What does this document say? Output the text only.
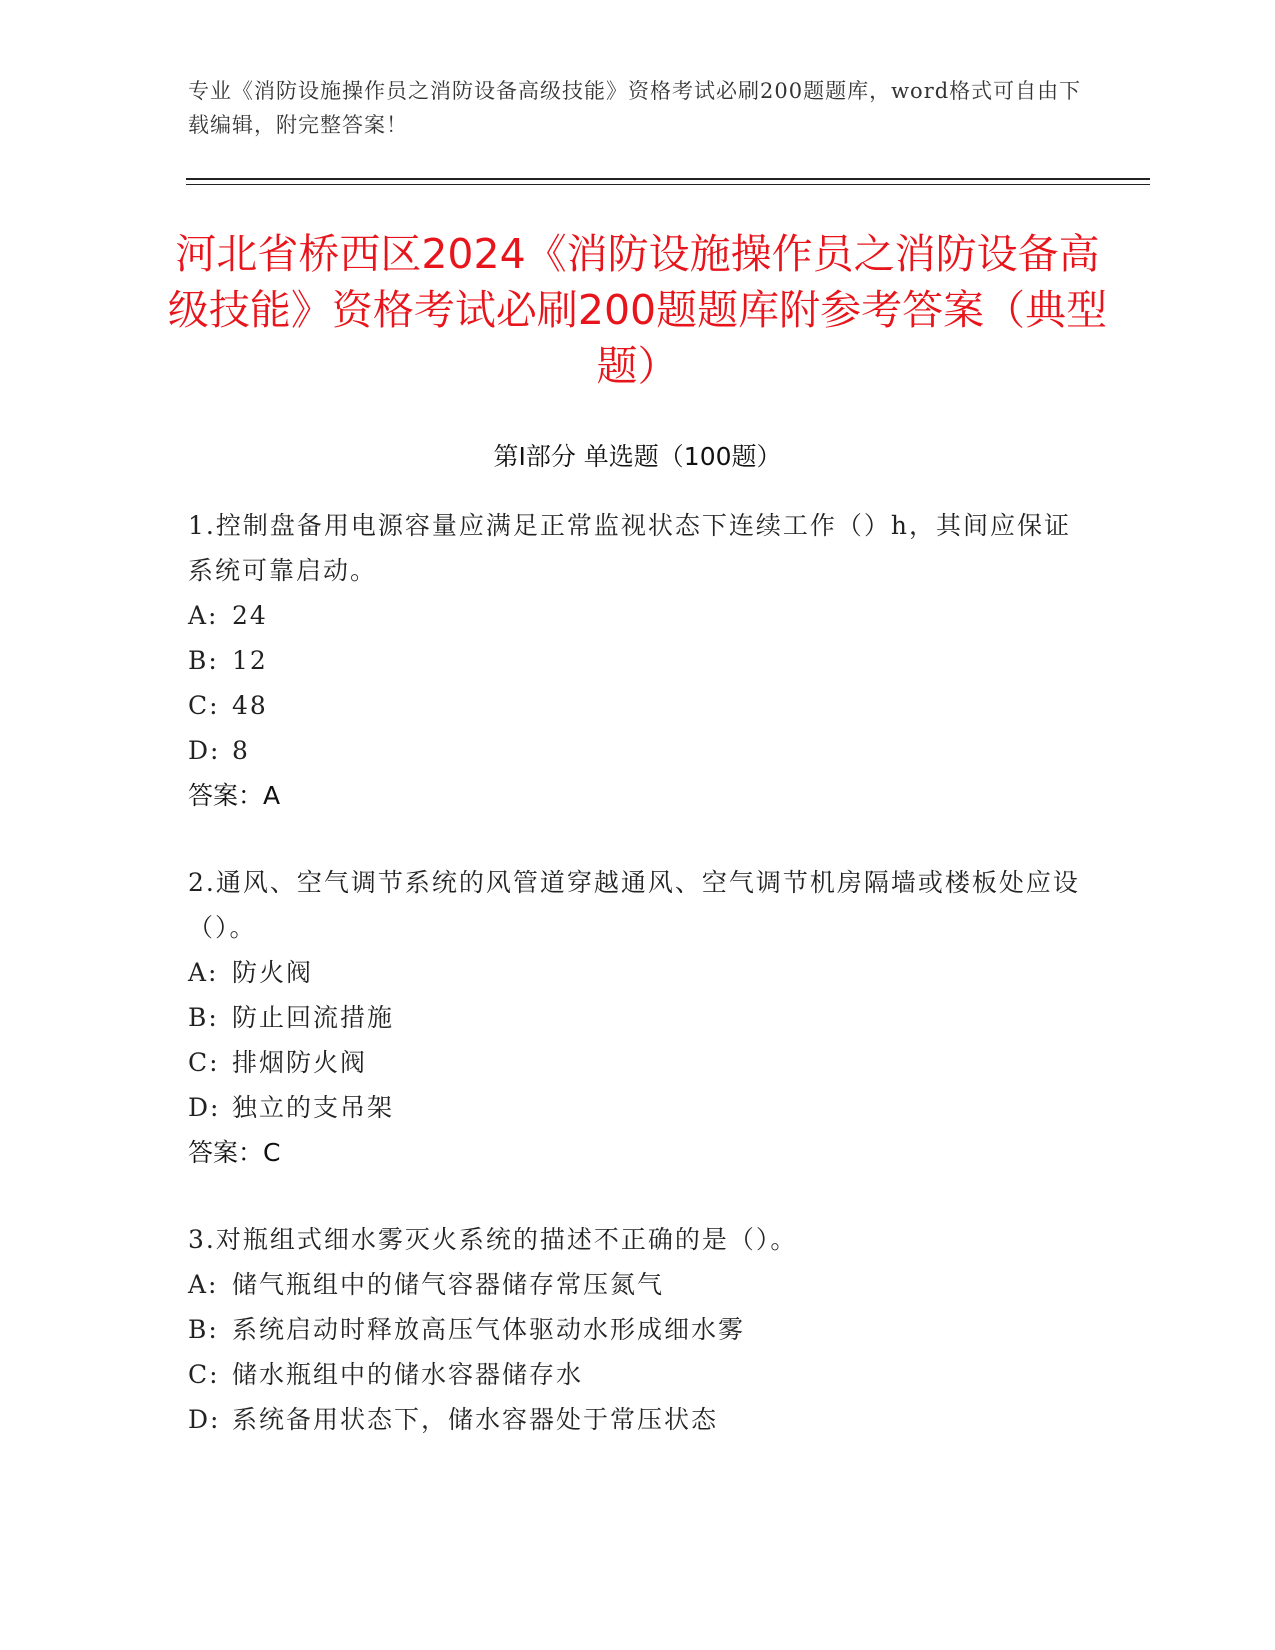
专业《消防设施操作员之消防设备高级技能》资格考试必刷200题题库，word格式可自由下载编辑，附完整答案！
河北省桥西区2024《消防设施操作员之消防设备高级技能》资格考试必刷200题题库附参考答案（典型题）
第I部分 单选题（100题）
1.控制盘备用电源容量应满足正常监视状态下连续工作（）h，其间应保证系统可靠启动。
A: 24
B: 12
C: 48
D: 8
答案：A
2.通风、空气调节系统的风管道穿越通风、空气调节机房隔墙或楼板处应设（）。
A: 防火阀
B: 防止回流措施
C: 排烟防火阀
D: 独立的支吊架
答案：C
3.对瓶组式细水雾灭火系统的描述不正确的是（）。
A: 储气瓶组中的储气容器储存常压氮气
B: 系统启动时释放高压气体驱动水形成细水雾
C: 储水瓶组中的储水容器储存水
D: 系统备用状态下，储水容器处于常压状态
